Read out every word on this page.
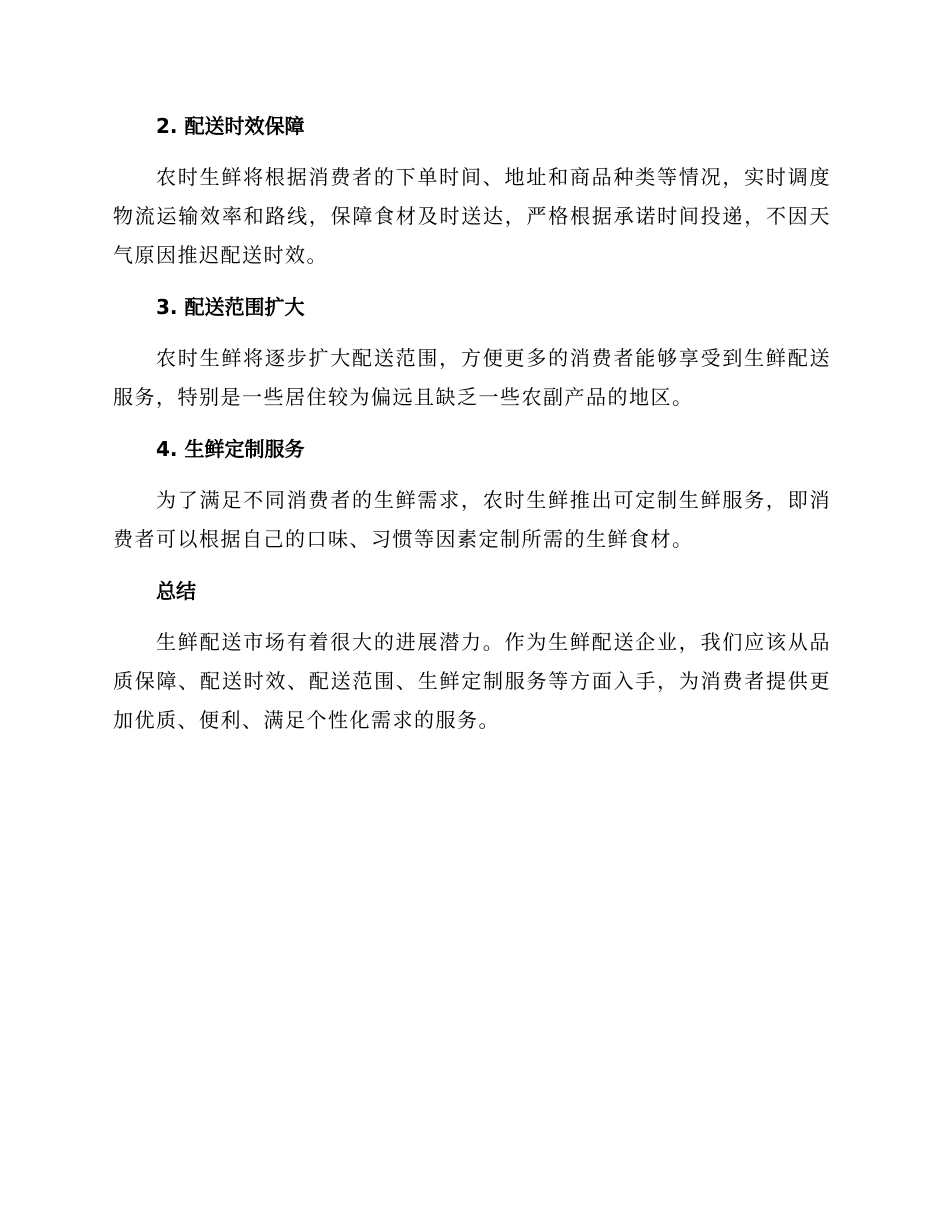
2. 配送时效保障

农时生鲜将根据消费者的下单时间、地址和商品种类等情况，实时调度物流运输效率和路线，保障食材及时送达，严格根据承诺时间投递，不因天气原因推迟配送时效。

3. 配送范围扩大

农时生鲜将逐步扩大配送范围，方便更多的消费者能够享受到生鲜配送服务，特别是一些居住较为偏远且缺乏一些农副产品的地区。

4. 生鲜定制服务

为了满足不同消费者的生鲜需求，农时生鲜推出可定制生鲜服务，即消费者可以根据自己的口味、习惯等因素定制所需的生鲜食材。

总结

生鲜配送市场有着很大的进展潜力。作为生鲜配送企业，我们应该从品质保障、配送时效、配送范围、生鲜定制服务等方面入手，为消费者提供更加优质、便利、满足个性化需求的服务。
